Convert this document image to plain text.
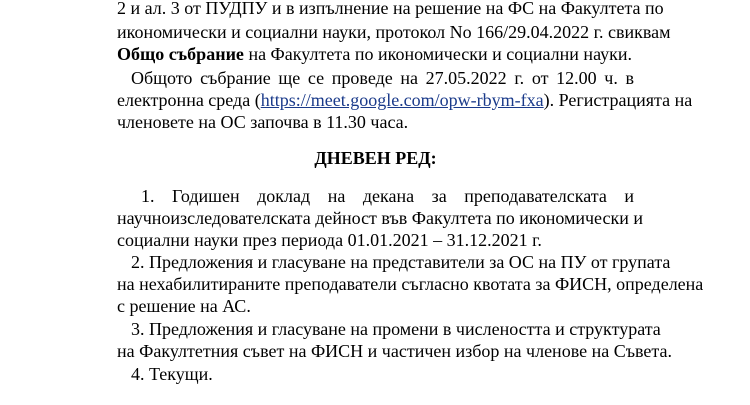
2 и ал. 3 от ПУДПУ и в изпълнение на решение на ФС на Факултета по
икономически и социални науки, протокол No 166/29.04.2022 г. свиквам
Общо събрание на Факултета по икономически и социални науки.
Общото събрание ще се проведе на 27.05.2022 г. от 12.00 ч. в
електронна среда (https://meet.google.com/opw-rbym-fxa). Регистрацията на
членовете на ОС започва в 11.30 часа.
ДНЕВЕН РЕД:
1. Годишен доклад на декана за преподавателската и
научноизследователската дейност във Факултета по икономически и
социални науки през периода 01.01.2021 – 31.12.2021 г.
2. Предложения и гласуване на представители за ОС на ПУ от групата
на нехабилитираните преподаватели съгласно квотата за ФИСН, определена
с решение на АС.
3. Предложения и гласуване на промени в числеността и структурата
на Факултетния съвет на ФИСН и частичен избор на членове на Съвета.
4. Текущи.
